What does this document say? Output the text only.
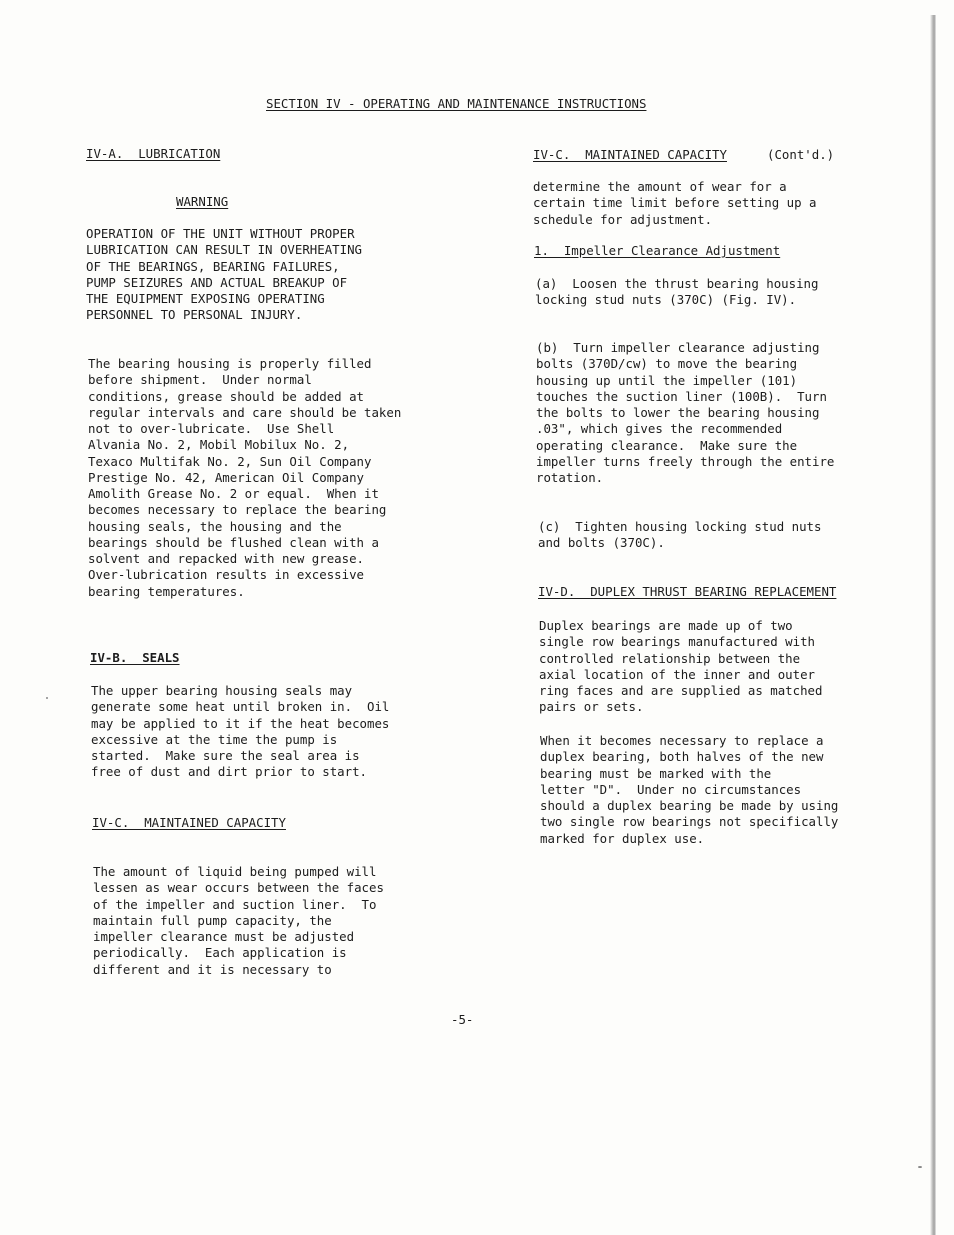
SECTION IV - OPERATING AND MAINTENANCE INSTRUCTIONS
IV-A.  LUBRICATION
WARNING

OPERATION OF THE UNIT WITHOUT PROPER
LUBRICATION CAN RESULT IN OVERHEATING
OF THE BEARINGS, BEARING FAILURES,
PUMP SEIZURES AND ACTUAL BREAKUP OF
THE EQUIPMENT EXPOSING OPERATING
PERSONNEL TO PERSONAL INJURY.

The bearing housing is properly filled
before shipment.  Under normal
conditions, grease should be added at
regular intervals and care should be taken
not to over-lubricate.  Use Shell
Alvania No. 2, Mobil Mobilux No. 2,
Texaco Multifak No. 2, Sun Oil Company
Prestige No. 42, American Oil Company
Amolith Grease No. 2 or equal.  When it
becomes necessary to replace the bearing
housing seals, the housing and the
bearings should be flushed clean with a
solvent and repacked with new grease.
Over-lubrication results in excessive
bearing temperatures.

IV-B.  SEALS

The upper bearing housing seals may
generate some heat until broken in.  Oil
may be applied to it if the heat becomes
excessive at the time the pump is
started.  Make sure the seal area is
free of dust and dirt prior to start.

IV-C.  MAINTAINED CAPACITY

The amount of liquid being pumped will
lessen as wear occurs between the faces
of the impeller and suction liner.  To
maintain full pump capacity, the
impeller clearance must be adjusted
periodically.  Each application is
different and it is necessary to

IV-C.  MAINTAINED CAPACITY	(Cont'd.)

determine the amount of wear for a
certain time limit before setting up a
schedule for adjustment.

1.  Impeller Clearance Adjustment

(a)  Loosen the thrust bearing housing
locking stud nuts (370C) (Fig. IV).

(b)  Turn impeller clearance adjusting
bolts (370D/cw) to move the bearing
housing up until the impeller (101)
touches the suction liner (100B).  Turn
the bolts to lower the bearing housing
.03", which gives the recommended
operating clearance.  Make sure the
impeller turns freely through the entire
rotation.

(c)  Tighten housing locking stud nuts
and bolts (370C).

IV-D.  DUPLEX THRUST BEARING REPLACEMENT

Duplex bearings are made up of two
single row bearings manufactured with
controlled relationship between the
axial location of the inner and outer
ring faces and are supplied as matched
pairs or sets.

When it becomes necessary to replace a
duplex bearing, both halves of the new
bearing must be marked with the
letter "D".  Under no circumstances
should a duplex bearing be made by using
two single row bearings not specifically
marked for duplex use.

-5-
